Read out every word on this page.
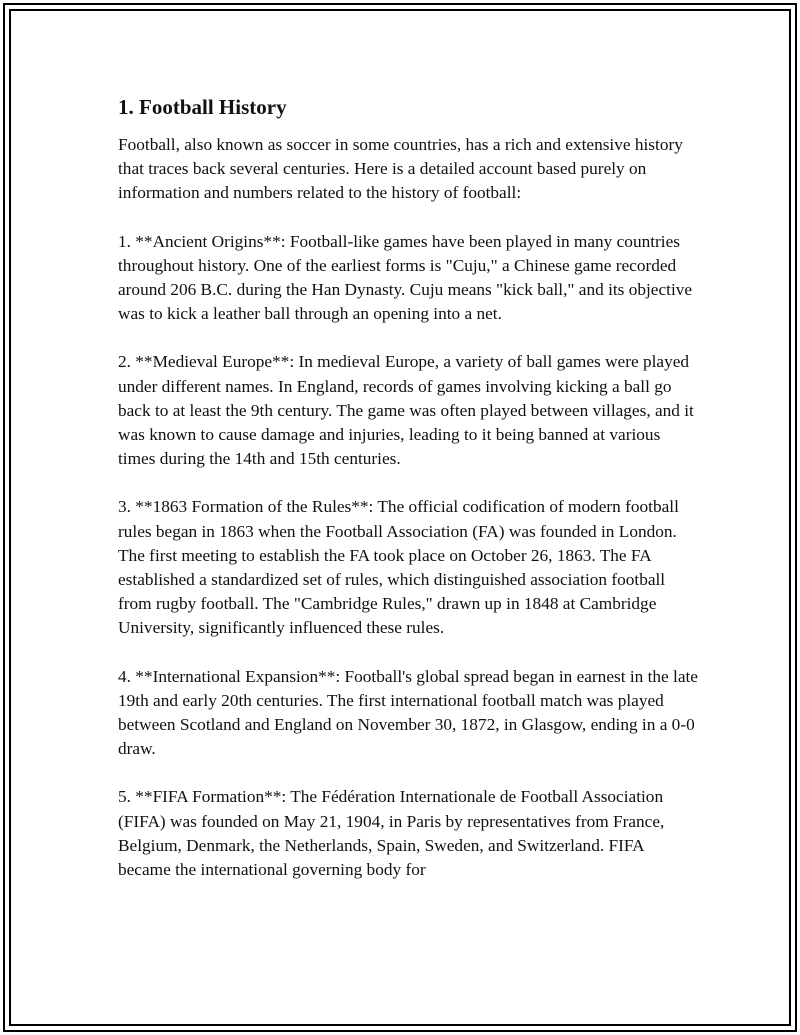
1. Football History

Football, also known as soccer in some countries, has a rich and extensive history that traces back several centuries. Here is a detailed account based purely on information and numbers related to the history of football:

1. **Ancient Origins**: Football-like games have been played in many countries throughout history. One of the earliest forms is "Cuju," a Chinese game recorded around 206 B.C. during the Han Dynasty. Cuju means "kick ball," and its objective was to kick a leather ball through an opening into a net.

2. **Medieval Europe**: In medieval Europe, a variety of ball games were played under different names. In England, records of games involving kicking a ball go back to at least the 9th century. The game was often played between villages, and it was known to cause damage and injuries, leading to it being banned at various times during the 14th and 15th centuries.

3. **1863 Formation of the Rules**: The official codification of modern football rules began in 1863 when the Football Association (FA) was founded in London. The first meeting to establish the FA took place on October 26, 1863. The FA established a standardized set of rules, which distinguished association football from rugby football. The "Cambridge Rules," drawn up in 1848 at Cambridge University, significantly influenced these rules.

4. **International Expansion**: Football's global spread began in earnest in the late 19th and early 20th centuries. The first international football match was played between Scotland and England on November 30, 1872, in Glasgow, ending in a 0-0 draw.

5. **FIFA Formation**: The Fédération Internationale de Football Association (FIFA) was founded on May 21, 1904, in Paris by representatives from France, Belgium, Denmark, the Netherlands, Spain, Sweden, and Switzerland. FIFA became the international governing body for
